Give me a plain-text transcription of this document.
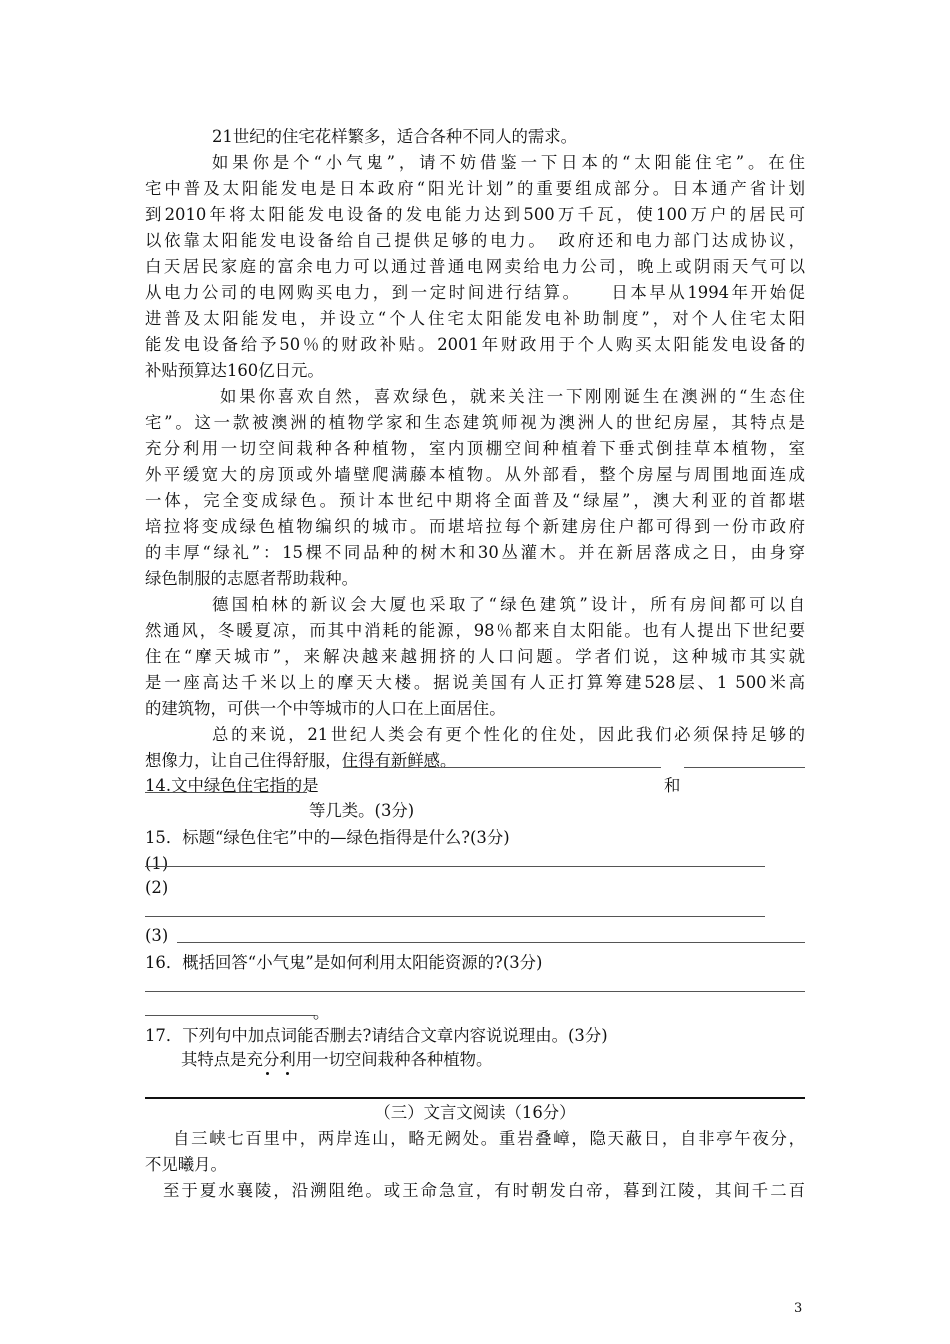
21世纪的住宅花样繁多，适合各种不同人的需求。
如果你是个“小气鬼”，请不妨借鉴一下日本的“太阳能住宅”。在住
宅中普及太阳能发电是日本政府“阳光计划”的重要组成部分。日本通产省计划
到2010年将太阳能发电设备的发电能力达到500万千瓦，使100万户的居民可
以依靠太阳能发电设备给自己提供足够的电力。　政府还和电力部门达成协议，
白天居民家庭的富余电力可以通过普通电网卖给电力公司，晚上或阴雨天气可以
从电力公司的电网购买电力，到一定时间进行结算。　　日本早从1994年开始促
进普及太阳能发电，并设立“个人住宅太阳能发电补助制度”，对个人住宅太阳
能发电设备给予50％的财政补贴。2001年财政用于个人购买太阳能发电设备的
补贴预算达160亿日元。
如果你喜欢自然，喜欢绿色，就来关注一下刚刚诞生在澳洲的“生态住
宅”。这一款被澳洲的植物学家和生态建筑师视为澳洲人的世纪房屋，其特点是
充分利用一切空间栽种各种植物，室内顶棚空间种植着下垂式倒挂草本植物，室
外平缓宽大的房顶或外墙壁爬满藤本植物。从外部看，整个房屋与周围地面连成
一体，完全变成绿色。预计本世纪中期将全面普及“绿屋”，澳大利亚的首都堪
培拉将变成绿色植物编织的城市。而堪培拉每个新建房住户都可得到一份市政府
的丰厚“绿礼”：15棵不同品种的树木和30丛灌木。并在新居落成之日，由身穿
绿色制服的志愿者帮助栽种。
德国柏林的新议会大厦也采取了“绿色建筑”设计，所有房间都可以自
然通风，冬暖夏凉，而其中消耗的能源，98％都来自太阳能。也有人提出下世纪要
住在“摩天城市”，来解决越来越拥挤的人口问题。学者们说，这种城市其实就
是一座高达千米以上的摩天大楼。据说美国有人正打算筹建528层、1 500米高
的建筑物，可供一个中等城市的人口在上面居住。
总的来说，21世纪人类会有更个性化的住处，因此我们必须保持足够的
想像力，让自己住得舒服，住得有新鲜感。
14.文中绿色住宅指的是	和
等几类。(3分)
15．标题“绿色住宅”中的—绿色指得是什么?(3分)
(1)
(2)
(3)
16．概括回答“小气鬼”是如何利用太阳能资源的?(3分)
。
17．下列句中加点词能否删去?请结合文章内容说说理由。(3分)
其特点是充分利用一切空间栽种各种植物。
（三）文言文阅读（16分）
自三峡七百里中，两岸连山，略无阙处。重岩叠嶂，隐天蔽日，自非亭午夜分，
不见曦月。
至于夏水襄陵，沿溯阻绝。或王命急宣，有时朝发白帝，暮到江陵，其间千二百
3
